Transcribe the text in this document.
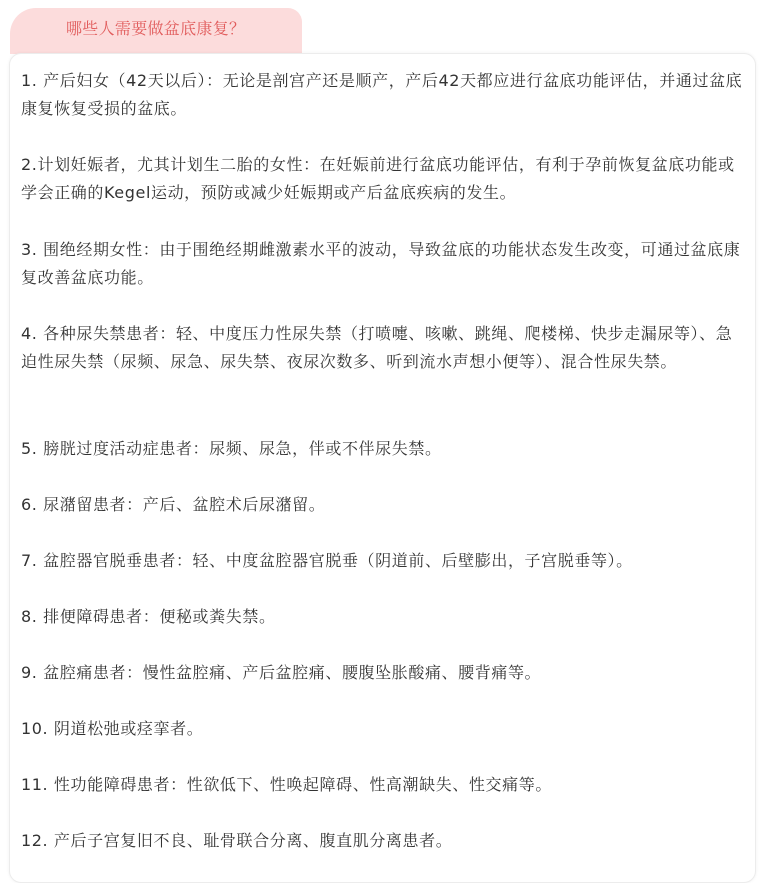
哪些人需要做盆底康复？

1. 产后妇女（42天以后）：无论是剖宫产还是顺产，产后42天都应进行盆底功能评估，并通过盆底康复恢复受损的盆底。

2.计划妊娠者，尤其计划生二胎的女性：在妊娠前进行盆底功能评估，有利于孕前恢复盆底功能或学会正确的Kegel运动，预防或减少妊娠期或产后盆底疾病的发生。

3. 围绝经期女性：由于围绝经期雌激素水平的波动，导致盆底的功能状态发生改变，可通过盆底康复改善盆底功能。

4. 各种尿失禁患者：轻、中度压力性尿失禁（打喷嚏、咳嗽、跳绳、爬楼梯、快步走漏尿等）、急迫性尿失禁（尿频、尿急、尿失禁、夜尿次数多、听到流水声想小便等）、混合性尿失禁。

5. 膀胱过度活动症患者：尿频、尿急，伴或不伴尿失禁。

6. 尿潴留患者：产后、盆腔术后尿潴留。

7. 盆腔器官脱垂患者：轻、中度盆腔器官脱垂（阴道前、后壁膨出，子宫脱垂等）。

8. 排便障碍患者：便秘或粪失禁。

9. 盆腔痛患者：慢性盆腔痛、产后盆腔痛、腰腹坠胀酸痛、腰背痛等。

10. 阴道松弛或痉挛者。

11. 性功能障碍患者：性欲低下、性唤起障碍、性高潮缺失、性交痛等。

12. 产后子宫复旧不良、耻骨联合分离、腹直肌分离患者。
